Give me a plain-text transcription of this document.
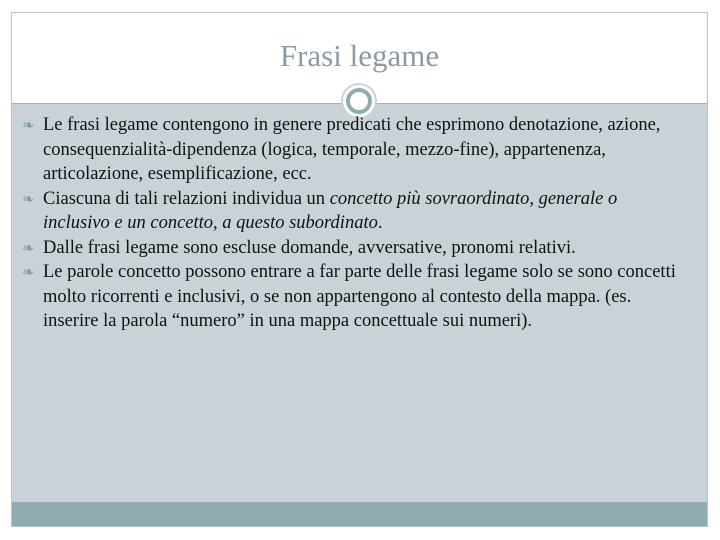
Frasi legame
❧ Le frasi legame contengono in genere predicati che esprimono denotazione, azione, consequenzialità-dipendenza (logica, temporale, mezzo-fine), appartenenza, articolazione, esemplificazione, ecc.
❧ Ciascuna di tali relazioni individua un concetto più sovraordinato, generale o inclusivo e un concetto, a questo subordinato.
❧ Dalle frasi legame sono escluse domande, avversative, pronomi relativi.
❧ Le parole concetto possono entrare a far parte delle frasi legame solo se sono concetti molto ricorrenti e inclusivi, o se non appartengono al contesto della mappa. (es. inserire la parola “numero” in una mappa concettuale sui numeri).
